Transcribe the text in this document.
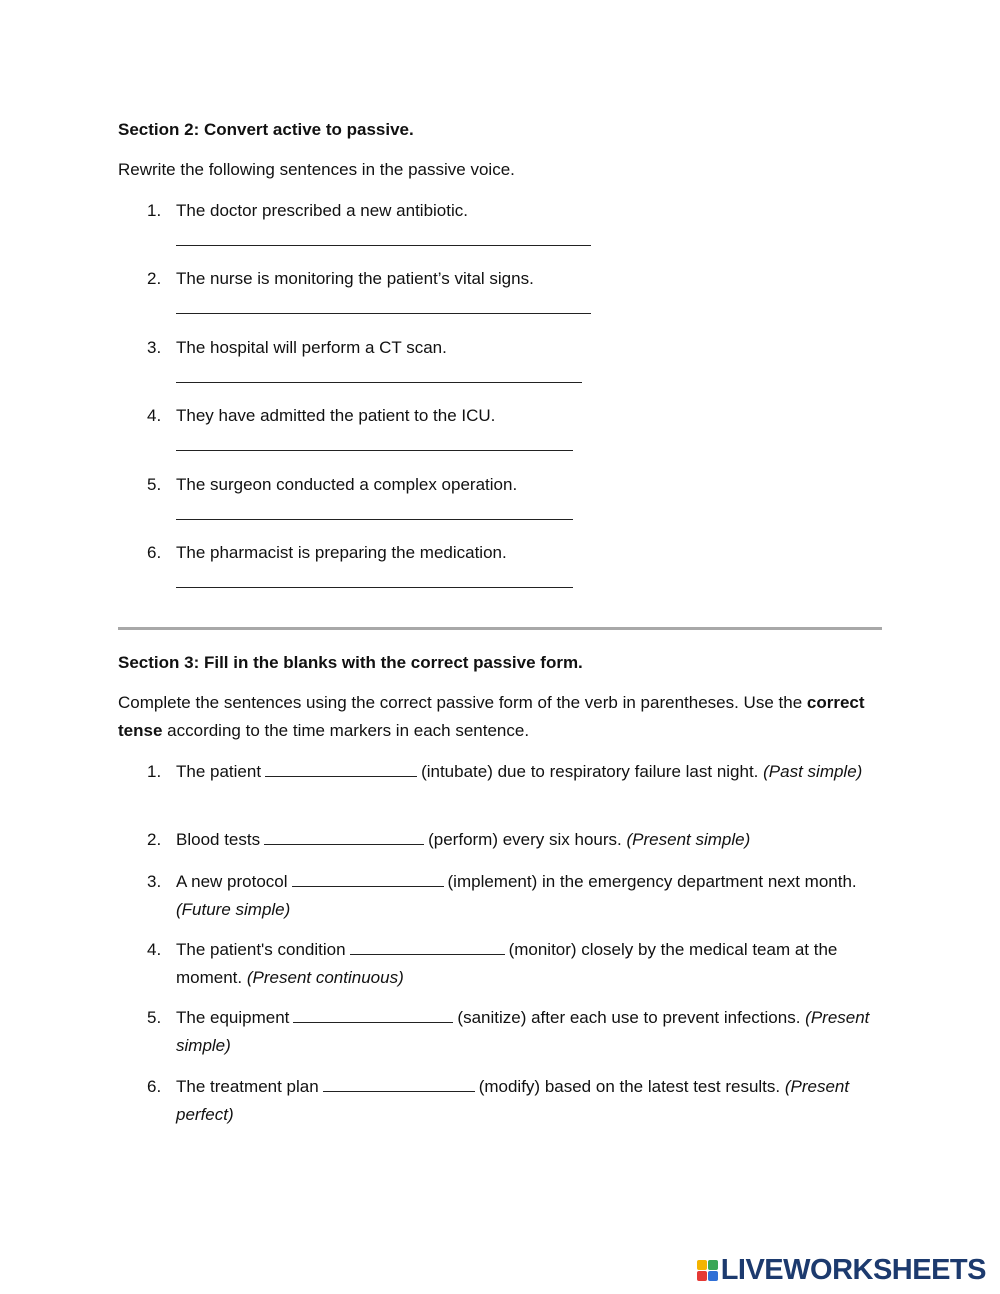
Section 2: Convert active to passive.
Rewrite the following sentences in the passive voice.
1. The doctor prescribed a new antibiotic.
2. The nurse is monitoring the patient’s vital signs.
3. The hospital will perform a CT scan.
4. They have admitted the patient to the ICU.
5. The surgeon conducted a complex operation.
6. The pharmacist is preparing the medication.
Section 3: Fill in the blanks with the correct passive form.
Complete the sentences using the correct passive form of the verb in parentheses. Use the correct tense according to the time markers in each sentence.
1. The patient	(intubate) due to respiratory failure last night. (Past simple)
2. Blood tests	(perform) every six hours. (Present simple)
3. A new protocol	(implement) in the emergency department next month. (Future simple)
4. The patient's condition	(monitor) closely by the medical team at the moment. (Present continuous)
5. The equipment	(sanitize) after each use to prevent infections. (Present simple)
6. The treatment plan	(modify) based on the latest test results. (Present perfect)
LIVEWORKSHEETS
